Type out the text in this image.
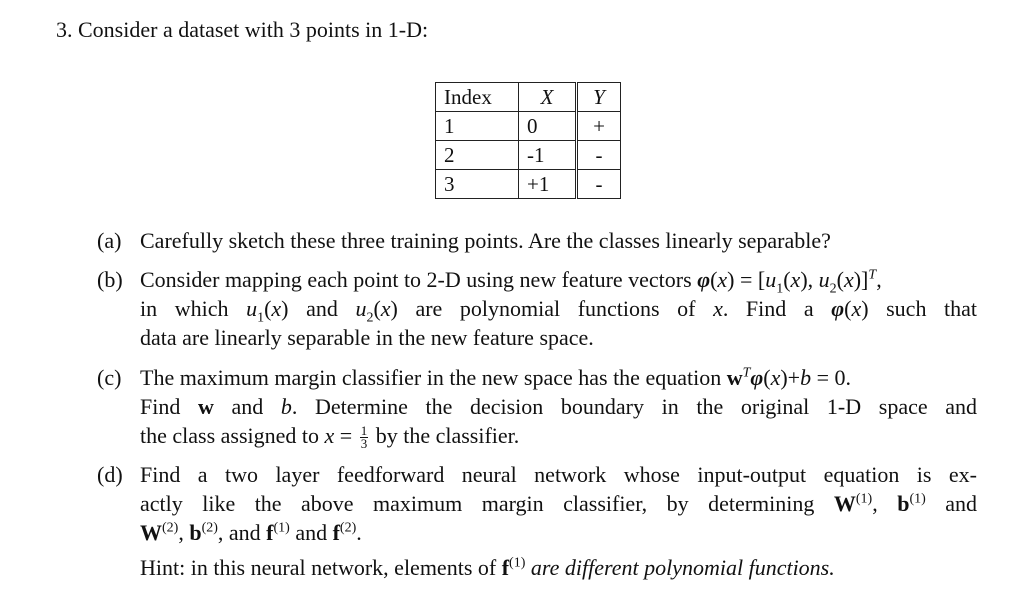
3. Consider a dataset with 3 points in 1-D:
Index	X	Y
1	0	+
2	-1	-
3	+1	-
(a) Carefully sketch these three training points. Are the classes linearly separable?
(b) Consider mapping each point to 2-D using new feature vectors $\varphi(x) = [u_1(x)$, $u_2(x)]^T$,
in which $u_1(x)$ and $u_2(x)$ are polynomial functions of x. Find a φ(x) such that
data are linearly separable in the new feature space.
(c) The maximum margin classifier in the new space has the equation $w^T\varphi(x)+b = 0$.
Find w and b. Determine the decision boundary in the original 1-D space and
the class assigned to $x = \frac{1}{3}$ by the classifier.
(d) Find a two layer feedforward neural network whose input-output equation is ex-
actly like the above maximum margin classifier, by determining $W^{(1)}$, $b^{(1)}$ and
$W^{(2)}$, $b^{(2)}$, and $f^{(1)}$ and $f^{(2)}$.
Hint: in this neural network, elements of $f^{(1)}$ are different polynomial functions.
